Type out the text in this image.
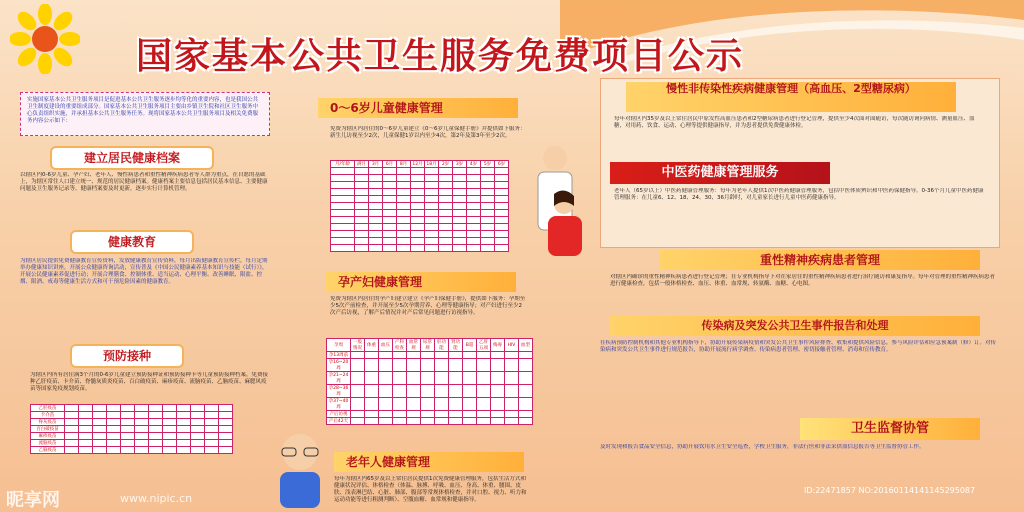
国家基本公共卫生服务免费项目公示
实施国家基本公共卫生服务项目是促进基本公共卫生服务逐步均等化的重要内容，也是我国公共卫生制度建设的重要组成部分。国家基本公共卫生服务项目主要由乡镇卫生院和社区卫生服务中心负责组织实施，并承担基本公共卫生服务任务。现将国家基本公共卫生服务项目及相关免费服务内容公示如下：
建立居民健康档案
以辖区内0-6岁儿童、孕产妇、老年人、慢性病患者和重性精神疾病患者等人群为重点，在自愿的基础上，为辖区常住人口建立统一、规范的居民健康档案。健康档案主要信息包括居民基本信息、主要健康问题及卫生服务记录等。健康档案要及时更新，逐步实行计算机管理。
健康教育
为辖区居民提供免费健康教育宣传资料，发放健康教育宣传资料，每月出版健康教育宣传栏，每月定期举办健康知识讲座，开展公众健康咨询活动，宣传普及《中国公民健康素养基本知识与技能（试行）》，开展公民健康素养促进行动；开展合理膳食、控制体重、适当运动、心理平衡、改善睡眠、限盐、控烟、限酒、戒毒等健康生活方式和可干预危险因素的健康教育。
预防接种
为辖区内所有居住满3个月的0-6岁儿童建立预防接种证和预防接种卡等儿童预防接种档案。免费接种乙肝疫苗、卡介苗、脊髓灰质炎疫苗、百白破疫苗、麻疹疫苗、流脑疫苗、乙脑疫苗、麻腮风疫苗等国家免疫规划疫苗。
乙肝疫苗												
卡介苗												
脊灰疫苗												
百白破疫苗												
麻疹疫苗												
流脑疫苗												
乙脑疫苗												
0～6岁儿童健康管理
免费为辖区内居住的0～6岁儿童建立《0～6岁儿童保健手册》并提供如下服务：新生儿访视至少2次，儿童保健1岁以内至少4次，第2年及第3年至少2次。
月/年龄	满月	3月	6月	8月	12月	18月	2岁	3岁	4岁	5岁	6岁

孕产妇健康管理
免费为辖区内居住的孕产妇建立建立《孕产妇保健手册》，提供如下服务：孕期至少5次产前检查，并开展至少5次孕期营养、心理等健康指导；对产妇进行至少2次产后访视，了解产后情况并对产后常见问题进行访视指导。
孕周	一般情况	体重	血压	产科检查	血常规	尿常规	肝功能	肾功能	B超	乙肝五项	梅毒	HIV	血型
孕13周前													
孕16~20周													
孕21~24周													
孕28~36周													
孕37~40周													
产后访视													
产后42天													
老年人健康管理
每年为辖区内65岁及以上常住居民提供1次免费健康管理服务，包括生活方式和健康状况评估、体格检查（体温、脉搏、呼吸、血压、身高、体重、腰围、皮肤、浅表淋巴结、心脏、肺部、腹部等常规体格检查，并对口腔、视力、听力和运动功能等进行粗测判断）、空腹血糖、血常规和健康指导。
慢性非传染性疾病健康管理（高血压、2型糖尿病）
每年对辖区内35岁及以上常住居民中原发性高血压患者和2型糖尿病患者进行登记管理，提供至少4次面对面随访，每次随访询问病情、测量血压、血糖，对用药、饮食、运动、心理等提供健康指导，并为患者提供免费健康体检。
中医药健康管理服务
老年人（65岁以上）中医药健康管理服务：每年为老年人提供1次中医药健康管理服务，包括中医体质辨识和中医药保健指导。0-36个月儿童中医药健康管理服务：在儿童6、12、18、24、30、36月龄时，对儿童家长进行儿童中医药健康指导。
重性精神疾病患者管理
对辖区内确诊的重性精神疾病患者进行登记管理；在专业机构指导下对在家居住的重性精神疾病患者进行治疗随访和康复指导。每年对管理的重性精神疾病患者进行健康检查，包括一般体格检查、血压、体重、血常规、转氨酶、血糖、心电图。
传染病及突发公共卫生事件报告和处理
在疾病预防控制机构和其他专业机构指导下，协助开展传染病疫情和突发公共卫生事件风险排查、收集和提供风险信息，参与风险评估和应急预案制（修）订。对传染病和突发公共卫生事件进行规范报告，协助开展流行病学调查、传染病患者管理、密切接触者管理、消毒和宣传教育。
卫生监督协管
及时发现和报告食品安全信息，协助开展饮用水卫生安全巡查，学校卫生服务，非法行医和非法采供血信息报告等卫生监督协管工作。
昵享网	www.nipic.cn
ID:22471857 NO:20160114141145295087
